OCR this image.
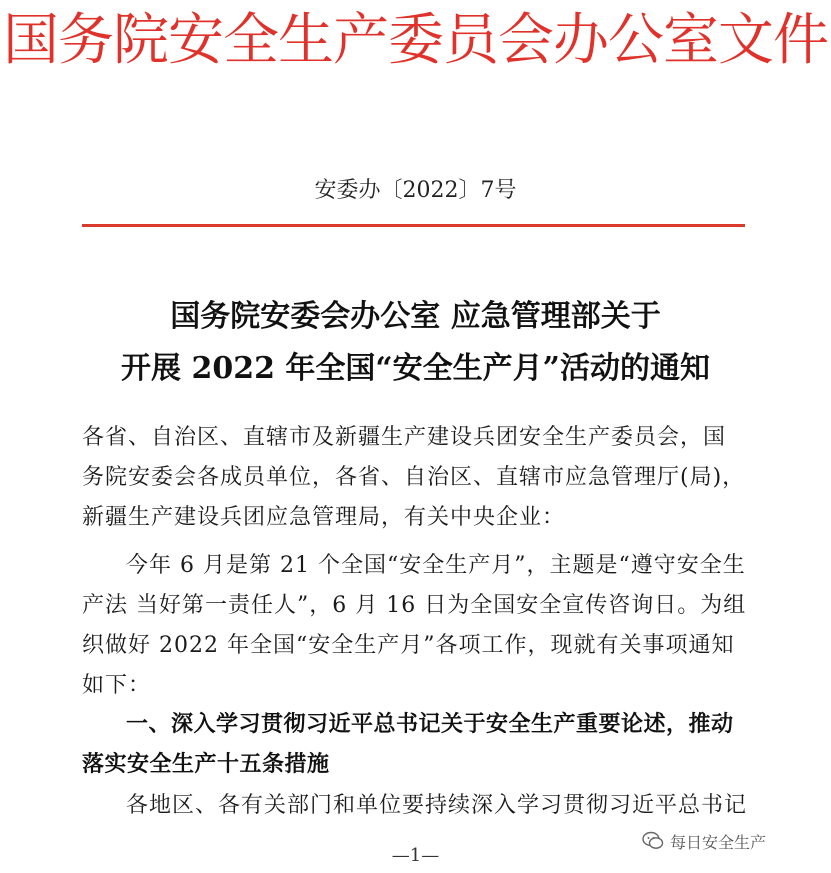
国务院安全生产委员会办公室文件
安委办〔2022〕7号
国务院安委会办公室 应急管理部关于
开展 2022 年全国“安全生产月”活动的通知
各省、自治区、直辖市及新疆生产建设兵团安全生产委员会，国务院安委会各成员单位，各省、自治区、直辖市应急管理厅(局)，新疆生产建设兵团应急管理局，有关中央企业：
今年 6 月是第 21 个全国“安全生产月”，主题是“遵守安全生产法 当好第一责任人”，6 月 16 日为全国安全宣传咨询日。为组织做好 2022 年全国“安全生产月”各项工作，现就有关事项通知如下：
一、深入学习贯彻习近平总书记关于安全生产重要论述，推动落实安全生产十五条措施
各地区、各有关部门和单位要持续深入学习贯彻习近平总书记
—1—
每日安全生产
